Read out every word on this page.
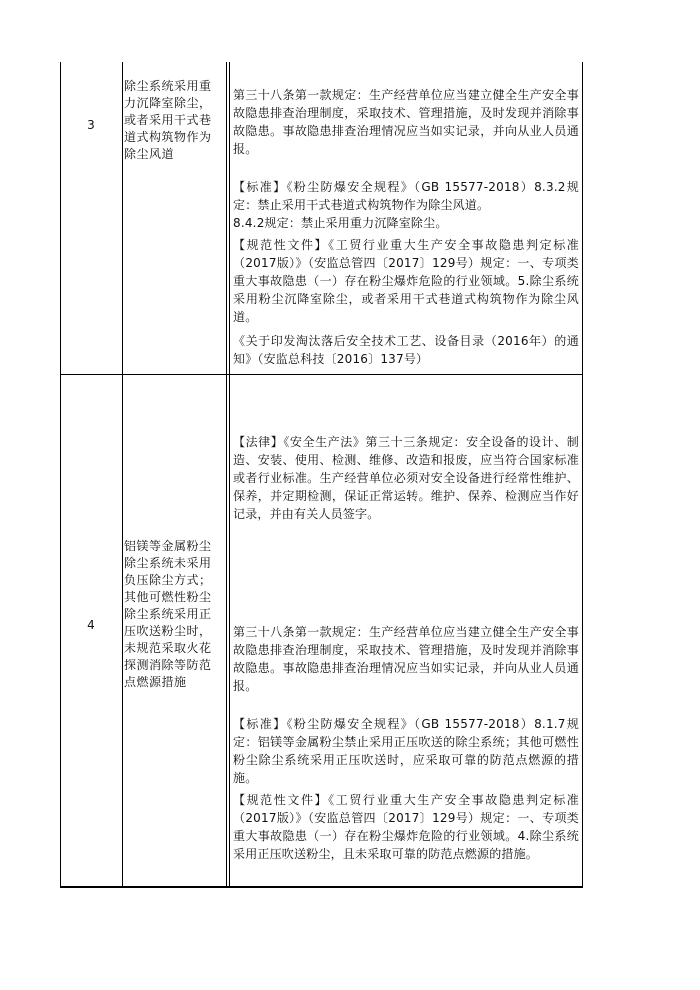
3
除尘系统采用重力沉降室除尘，或者采用干式巷道式构筑物作为除尘风道
第三十八条第一款规定：生产经营单位应当建立健全生产安全事故隐患排查治理制度，采取技术、管理措施，及时发现并消除事故隐患。事故隐患排查治理情况应当如实记录，并向从业人员通报。
【标准】《粉尘防爆安全规程》（GB 15577-2018）8.3.2规定：禁止采用干式巷道式构筑物作为除尘风道。
8.4.2规定：禁止采用重力沉降室除尘。
【规范性文件】《工贸行业重大生产安全事故隐患判定标准（2017版）》（安监总管四〔2017〕129号）规定：一、专项类重大事故隐患（一）存在粉尘爆炸危险的行业领域。5.除尘系统采用粉尘沉降室除尘，或者采用干式巷道式构筑物作为除尘风道。
《关于印发淘汰落后安全技术工艺、设备目录（2016年）的通知》（安监总科技〔2016〕137号）
4
铝镁等金属粉尘除尘系统未采用负压除尘方式；其他可燃性粉尘除尘系统采用正压吹送粉尘时，未规范采取火花探测消除等防范点燃源措施
【法律】《安全生产法》第三十三条规定：安全设备的设计、制造、安装、使用、检测、维修、改造和报废，应当符合国家标准或者行业标准。生产经营单位必须对安全设备进行经常性维护、保养，并定期检测，保证正常运转。维护、保养、检测应当作好记录，并由有关人员签字。
第三十八条第一款规定：生产经营单位应当建立健全生产安全事故隐患排查治理制度，采取技术、管理措施，及时发现并消除事故隐患。事故隐患排查治理情况应当如实记录，并向从业人员通报。
【标准】《粉尘防爆安全规程》（GB 15577-2018）8.1.7规定：铝镁等金属粉尘禁止采用正压吹送的除尘系统；其他可燃性粉尘除尘系统采用正压吹送时，应采取可靠的防范点燃源的措施。
【规范性文件】《工贸行业重大生产安全事故隐患判定标准（2017版）》（安监总管四〔2017〕129号）规定：一、专项类重大事故隐患（一）存在粉尘爆炸危险的行业领域。4.除尘系统采用正压吹送粉尘，且未采取可靠的防范点燃源的措施。
